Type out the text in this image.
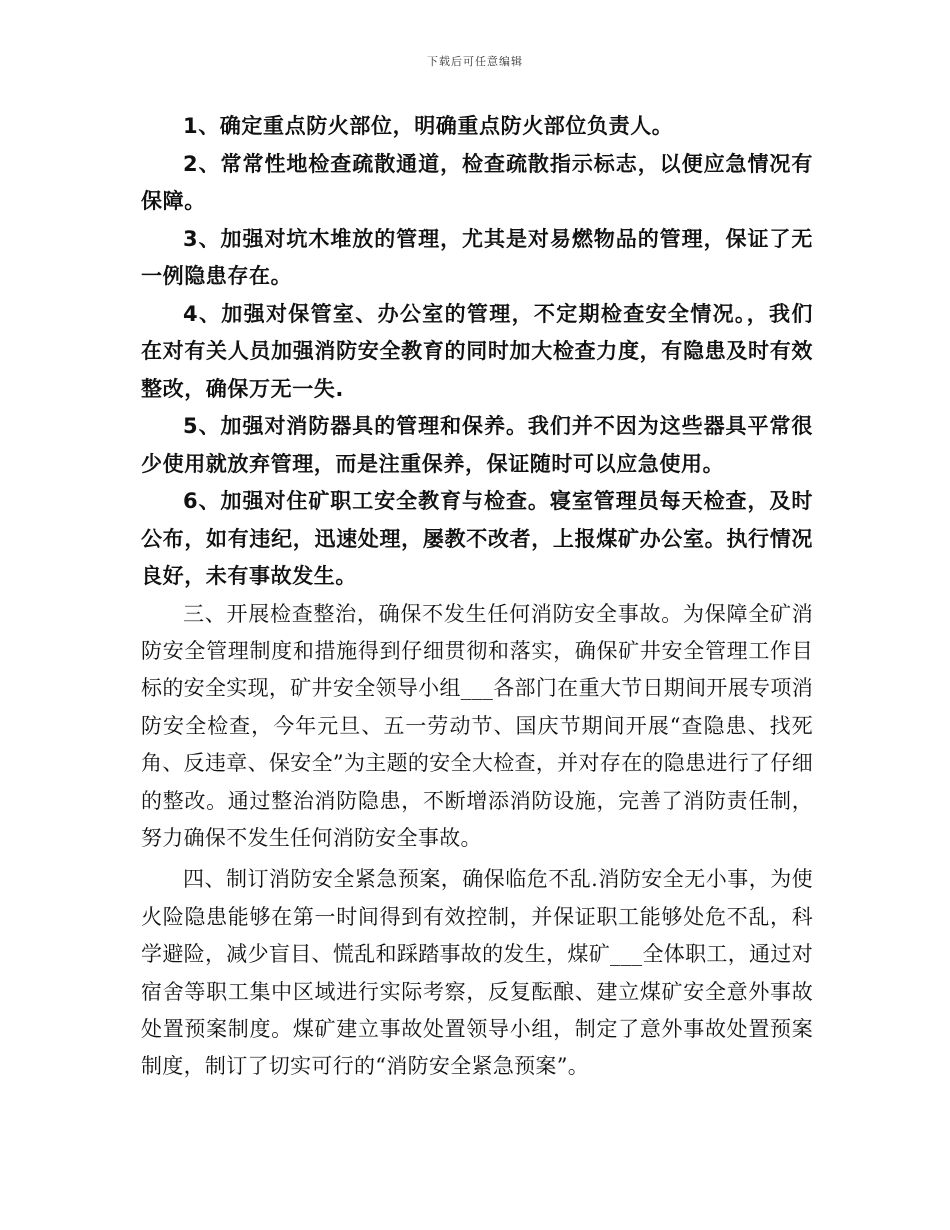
下载后可任意编辑

1、确定重点防火部位，明确重点防火部位负责人。

2、常常性地检查疏散通道，检查疏散指示标志，以便应急情况有保障。

3、加强对坑木堆放的管理，尤其是对易燃物品的管理，保证了无一例隐患存在。

4、加强对保管室、办公室的管理，不定期检查安全情况。，我们在对有关人员加强消防安全教育的同时加大检查力度，有隐患及时有效整改，确保万无一失.

5、加强对消防器具的管理和保养。我们并不因为这些器具平常很少使用就放弃管理，而是注重保养，保证随时可以应急使用。

6、加强对住矿职工安全教育与检查。寝室管理员每天检查，及时公布，如有违纪，迅速处理，屡教不改者，上报煤矿办公室。执行情况良好，未有事故发生。

三、开展检查整治，确保不发生任何消防安全事故。为保障全矿消防安全管理制度和措施得到仔细贯彻和落实，确保矿井安全管理工作目标的安全实现，矿井安全领导小组___各部门在重大节日期间开展专项消防安全检查，今年元旦、五一劳动节、国庆节期间开展“查隐患、找死角、反违章、保安全”为主题的安全大检查，并对存在的隐患进行了仔细的整改。通过整治消防隐患，不断增添消防设施，完善了消防责任制，努力确保不发生任何消防安全事故。

四、制订消防安全紧急预案，确保临危不乱.消防安全无小事，为使火险隐患能够在第一时间得到有效控制，并保证职工能够处危不乱，科学避险，减少盲目、慌乱和踩踏事故的发生，煤矿___全体职工，通过对宿舍等职工集中区域进行实际考察，反复酝酿、建立煤矿安全意外事故处置预案制度。煤矿建立事故处置领导小组，制定了意外事故处置预案制度，制订了切实可行的“消防安全紧急预案”。
